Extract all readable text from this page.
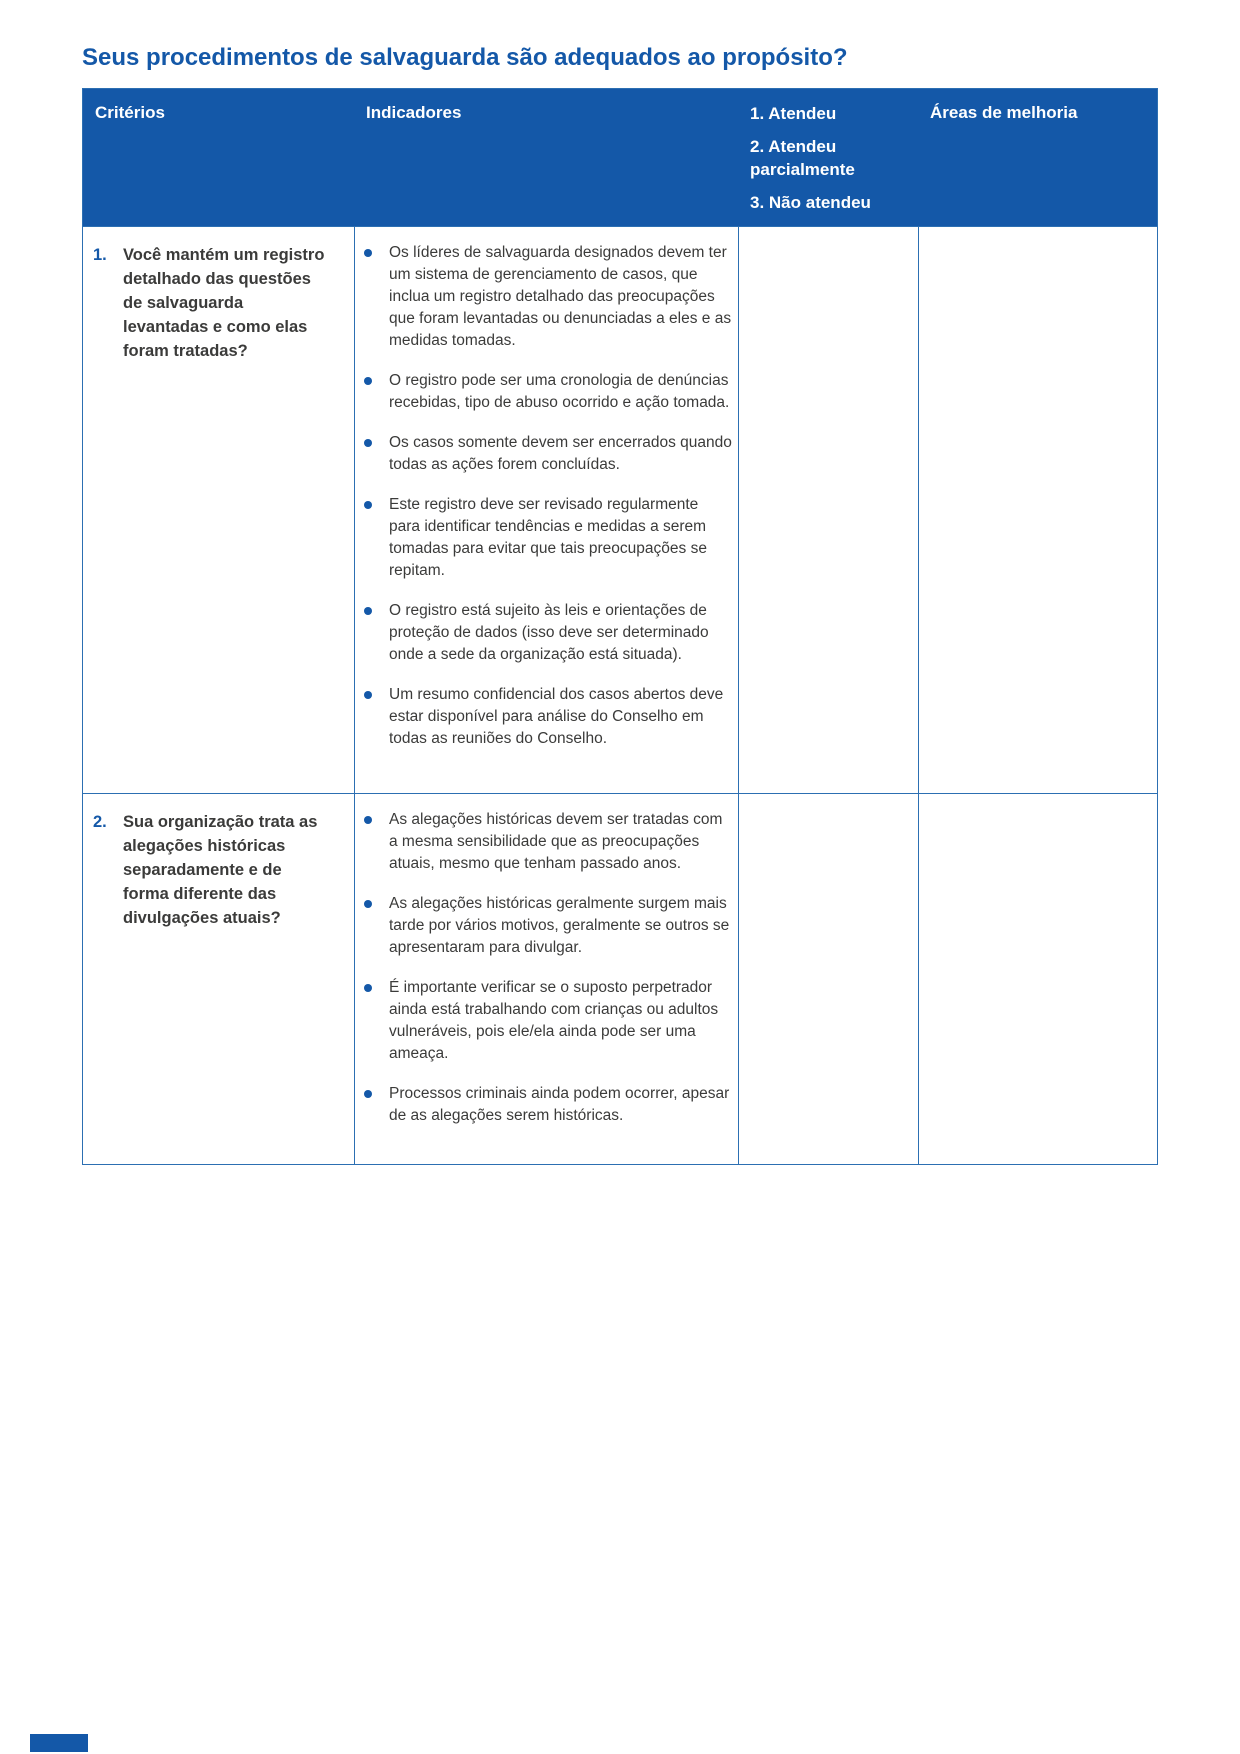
Seus procedimentos de salvaguarda são adequados ao propósito?
Critérios	Indicadores	1. Atendeu
2. Atendeu parcialmente
3. Não atendeu
Áreas de melhoria
1. Você mantém um registro detalhado das questões de salvaguarda levantadas e como elas foram tratadas?
Os líderes de salvaguarda designados devem ter um sistema de gerenciamento de casos, que inclua um registro detalhado das preocupações que foram levantadas ou denunciadas a eles e as medidas tomadas.
O registro pode ser uma cronologia de denúncias recebidas, tipo de abuso ocorrido e ação tomada.
Os casos somente devem ser encerrados quando todas as ações forem concluídas.
Este registro deve ser revisado regularmente para identificar tendências e medidas a serem tomadas para evitar que tais preocupações se repitam.
O registro está sujeito às leis e orientações de proteção de dados (isso deve ser determinado onde a sede da organização está situada).
Um resumo confidencial dos casos abertos deve estar disponível para análise do Conselho em todas as reuniões do Conselho.
2. Sua organização trata as alegações históricas separadamente e de forma diferente das divulgações atuais?
As alegações históricas devem ser tratadas com a mesma sensibilidade que as preocupações atuais, mesmo que tenham passado anos.
As alegações históricas geralmente surgem mais tarde por vários motivos, geralmente se outros se apresentaram para divulgar.
É importante verificar se o suposto perpetrador ainda está trabalhando com crianças ou adultos vulneráveis, pois ele/ela ainda pode ser uma ameaça.
Processos criminais ainda podem ocorrer, apesar de as alegações serem históricas.
